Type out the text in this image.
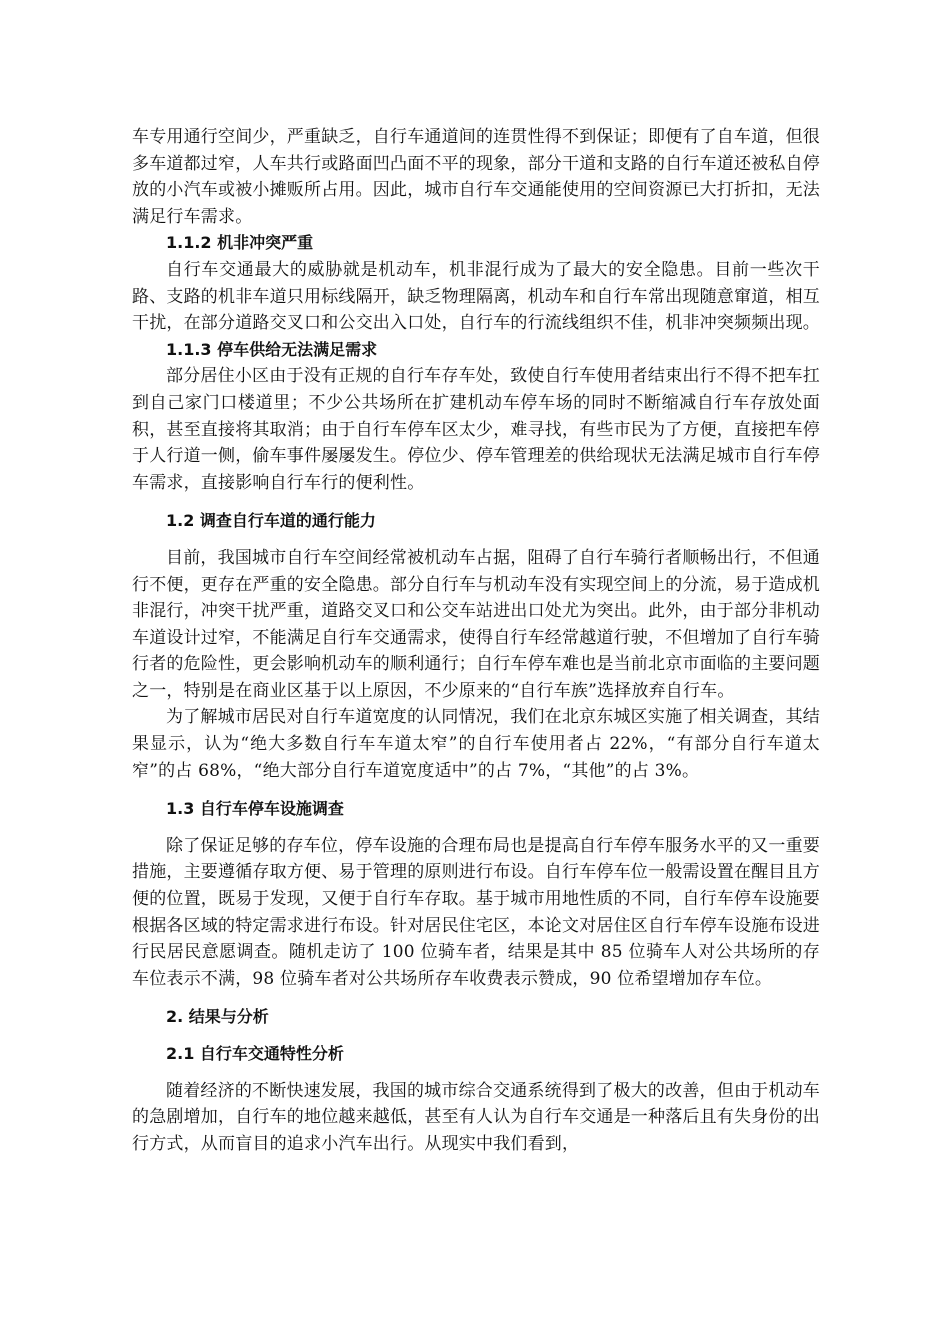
车专用通行空间少，严重缺乏，自行车通道间的连贯性得不到保证；即便有了自车道，但很多车道都过窄，人车共行或路面凹凸面不平的现象，部分干道和支路的自行车道还被私自停放的小汽车或被小摊贩所占用。因此，城市自行车交通能使用的空间资源已大打折扣，无法满足行车需求。

1.1.2 机非冲突严重

自行车交通最大的威胁就是机动车，机非混行成为了最大的安全隐患。目前一些次干路、支路的机非车道只用标线隔开，缺乏物理隔离，机动车和自行车常出现随意窜道，相互干扰，在部分道路交叉口和公交出入口处，自行车的行流线组织不佳，机非冲突频频出现。

1.1.3 停车供给无法满足需求

部分居住小区由于没有正规的自行车存车处，致使自行车使用者结束出行不得不把车扛到自己家门口楼道里；不少公共场所在扩建机动车停车场的同时不断缩减自行车存放处面积，甚至直接将其取消；由于自行车停车区太少，难寻找，有些市民为了方便，直接把车停于人行道一侧，偷车事件屡屡发生。停位少、停车管理差的供给现状无法满足城市自行车停车需求，直接影响自行车行的便利性。

1.2 调查自行车道的通行能力

目前，我国城市自行车空间经常被机动车占据，阻碍了自行车骑行者顺畅出行，不但通行不便，更存在严重的安全隐患。部分自行车与机动车没有实现空间上的分流，易于造成机非混行，冲突干扰严重，道路交叉口和公交车站进出口处尤为突出。此外，由于部分非机动车道设计过窄，不能满足自行车交通需求，使得自行车经常越道行驶，不但增加了自行车骑行者的危险性，更会影响机动车的顺利通行；自行车停车难也是当前北京市面临的主要问题之一，特别是在商业区基于以上原因，不少原来的“自行车族”选择放弃自行车。

为了解城市居民对自行车道宽度的认同情况，我们在北京东城区实施了相关调查，其结果显示，认为“绝大多数自行车车道太窄”的自行车使用者占 22%，“有部分自行车道太窄”的占 68%，“绝大部分自行车道宽度适中”的占 7%，“其他”的占 3%。

1.3 自行车停车设施调查

除了保证足够的存车位，停车设施的合理布局也是提高自行车停车服务水平的又一重要措施，主要遵循存取方便、易于管理的原则进行布设。自行车停车位一般需设置在醒目且方便的位置，既易于发现，又便于自行车存取。基于城市用地性质的不同，自行车停车设施要根据各区域的特定需求进行布设。针对居民住宅区，本论文对居住区自行车停车设施布设进行民居民意愿调查。随机走访了 100 位骑车者，结果是其中 85 位骑车人对公共场所的存车位表示不满，98 位骑车者对公共场所存车收费表示赞成，90 位希望增加存车位。

2. 结果与分析
2.1 自行车交通特性分析

随着经济的不断快速发展，我国的城市综合交通系统得到了极大的改善，但由于机动车的急剧增加，自行车的地位越来越低，甚至有人认为自行车交通是一种落后且有失身份的出行方式，从而盲目的追求小汽车出行。从现实中我们看到，
